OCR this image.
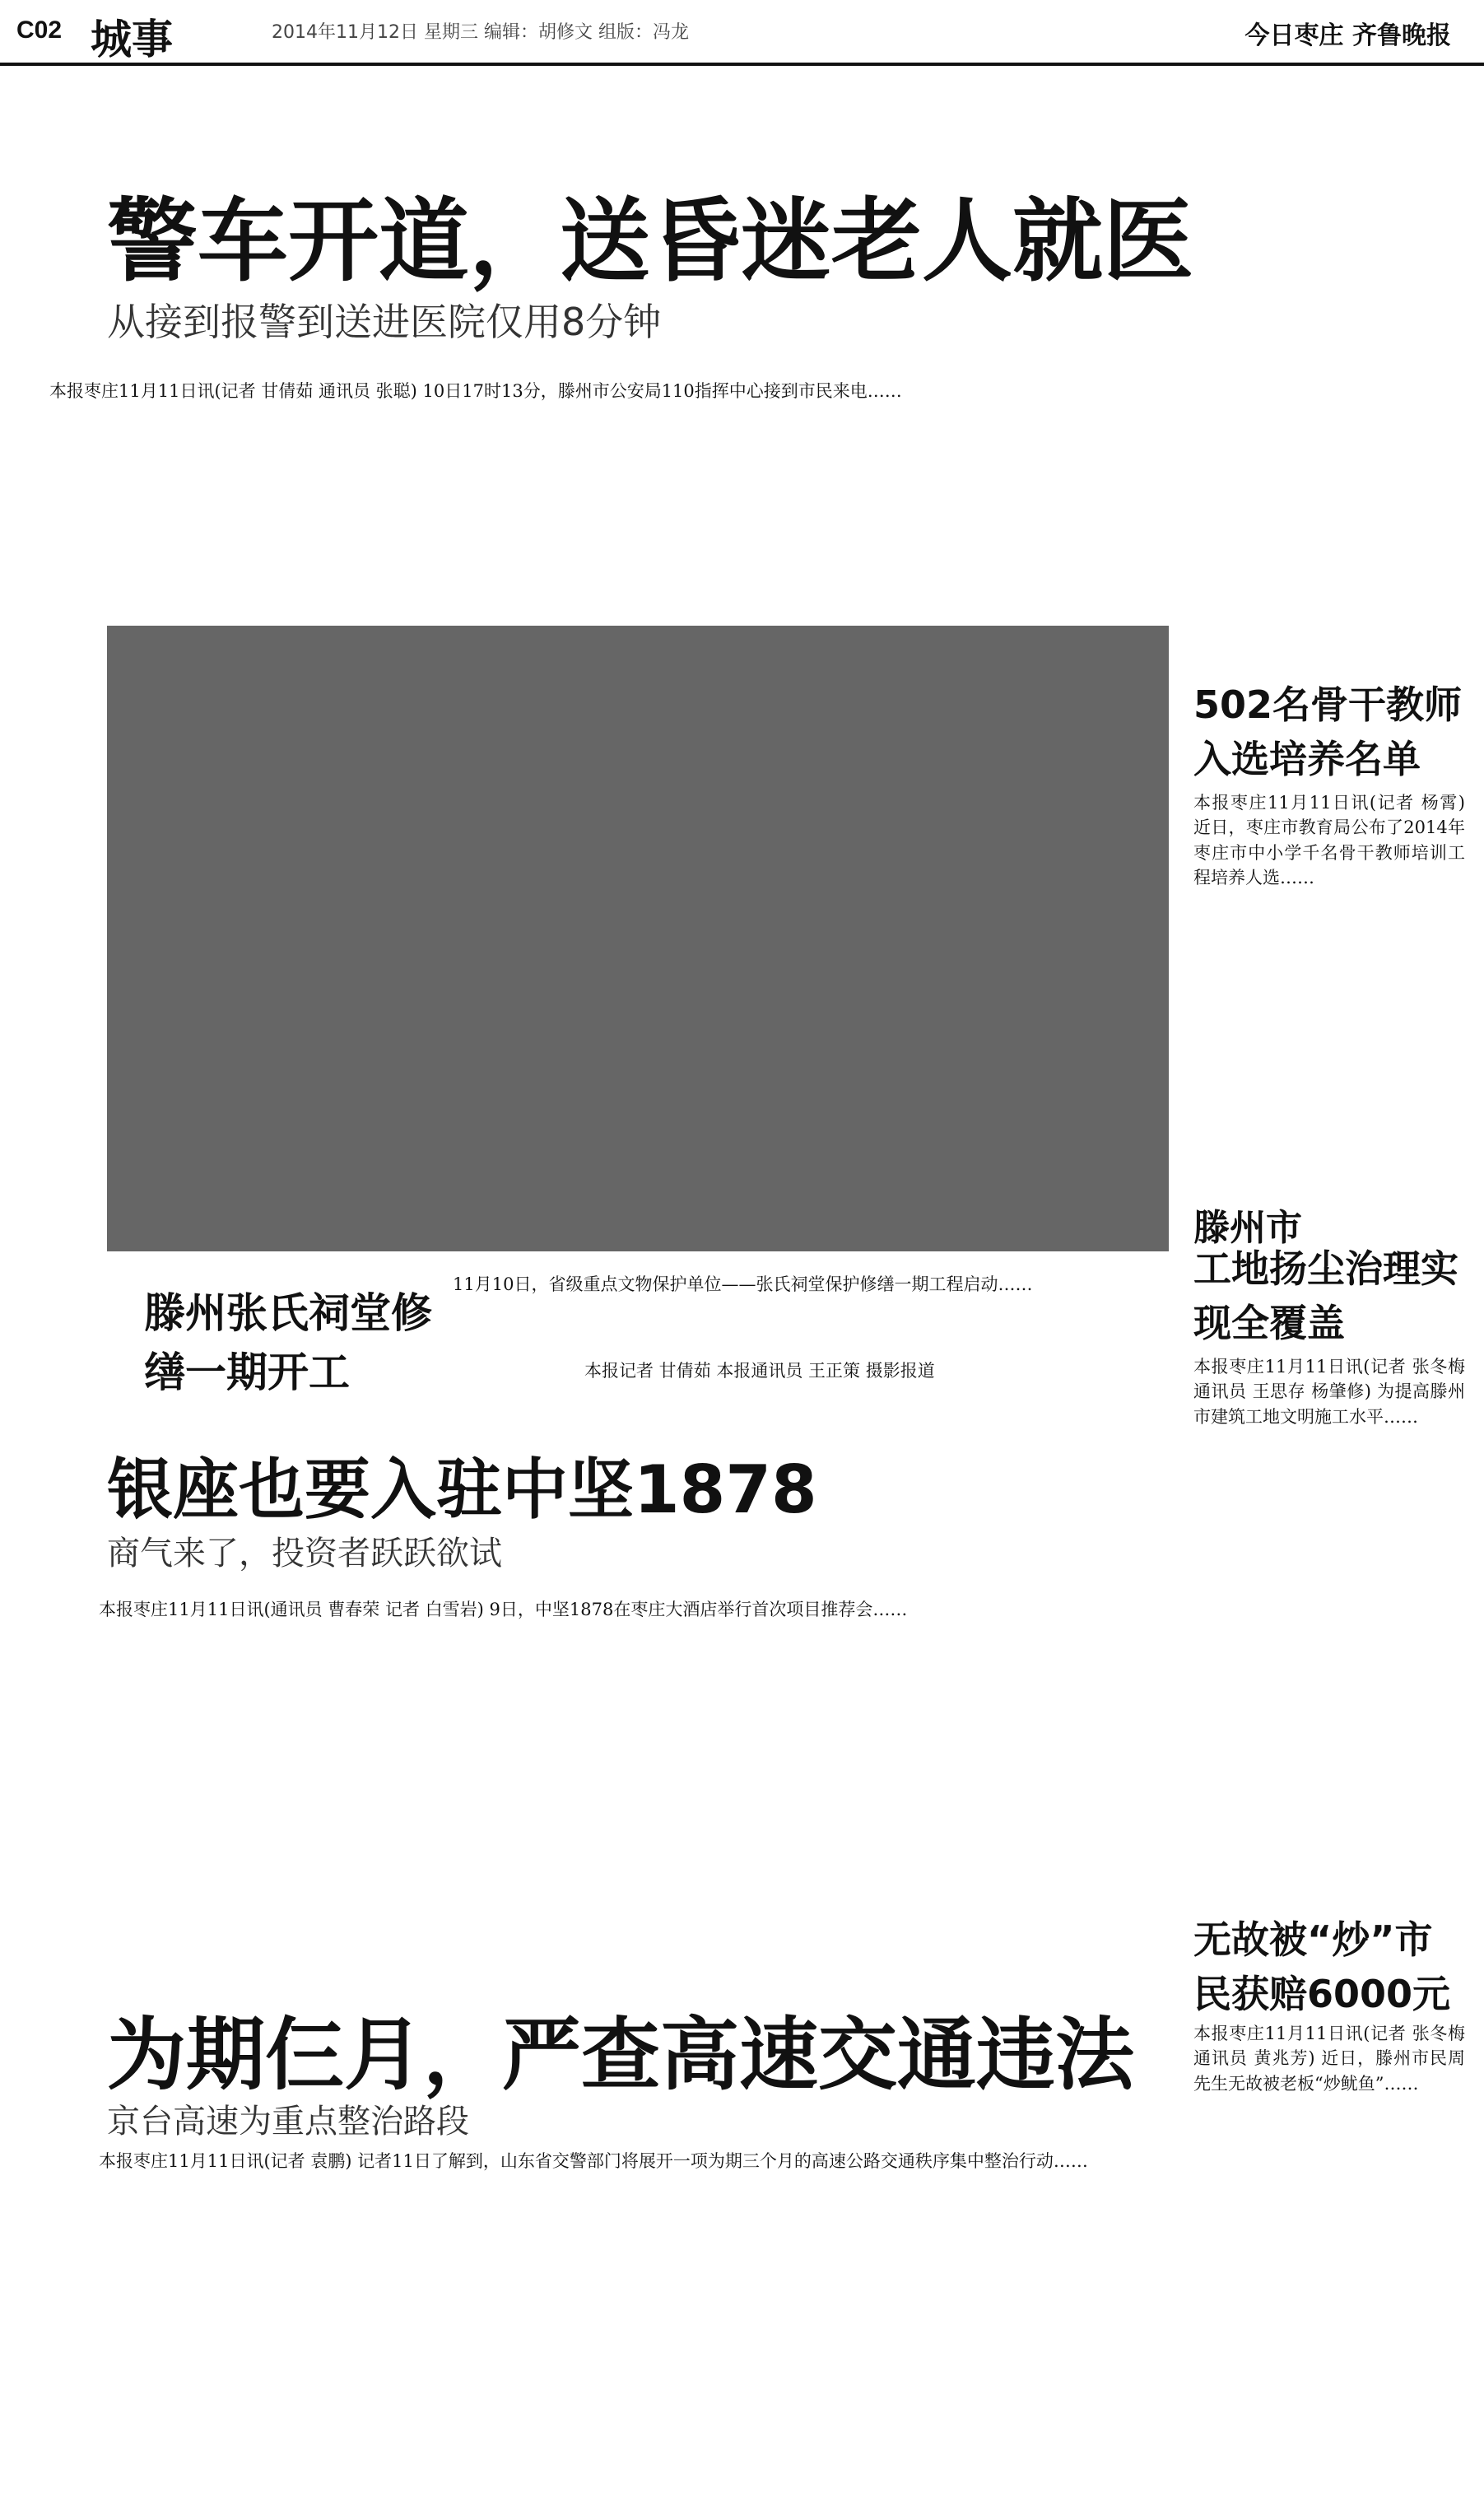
C02 城事	2014年11月12日 星期三 编辑：胡修文 组版：冯龙	今日枣庄 齐鲁晚报
警车开道，送昏迷老人就医
从接到报警到送进医院仅用8分钟
本报枣庄11月11日讯(记者 甘倩茹 通讯员 张聪) 10日17时13分，滕州市公安局110指挥中心接到市民来电……
滕州张氏祠堂修缮一期开工
11月10日，省级重点文物保护单位——张氏祠堂保护修缮一期工程启动……
本报记者 甘倩茹 本报通讯员 王正策 摄影报道
银座也要入驻中坚1878
商气来了，投资者跃跃欲试
本报枣庄11月11日讯(通讯员 曹春荣 记者 白雪岩) 9日，中坚1878在枣庄大酒店举行首次项目推荐会……
为期仨月，严查高速交通违法
京台高速为重点整治路段
本报枣庄11月11日讯(记者 袁鹏) 记者11日了解到，山东省交警部门将展开一项为期三个月的高速公路交通秩序集中整治行动……
502名骨干教师入选培养名单
本报枣庄11月11日讯(记者 杨霄) 近日，枣庄市教育局公布了2014年枣庄市中小学千名骨干教师培训工程培养人选……
滕州市
工地扬尘治理实现全覆盖
本报枣庄11月11日讯(记者 张冬梅 通讯员 王思存 杨肇修) 为提高滕州市建筑工地文明施工水平……
无故被“炒”市民获赔6000元
本报枣庄11月11日讯(记者 张冬梅 通讯员 黄兆芳) 近日，滕州市民周先生无故被老板“炒鱿鱼”……
